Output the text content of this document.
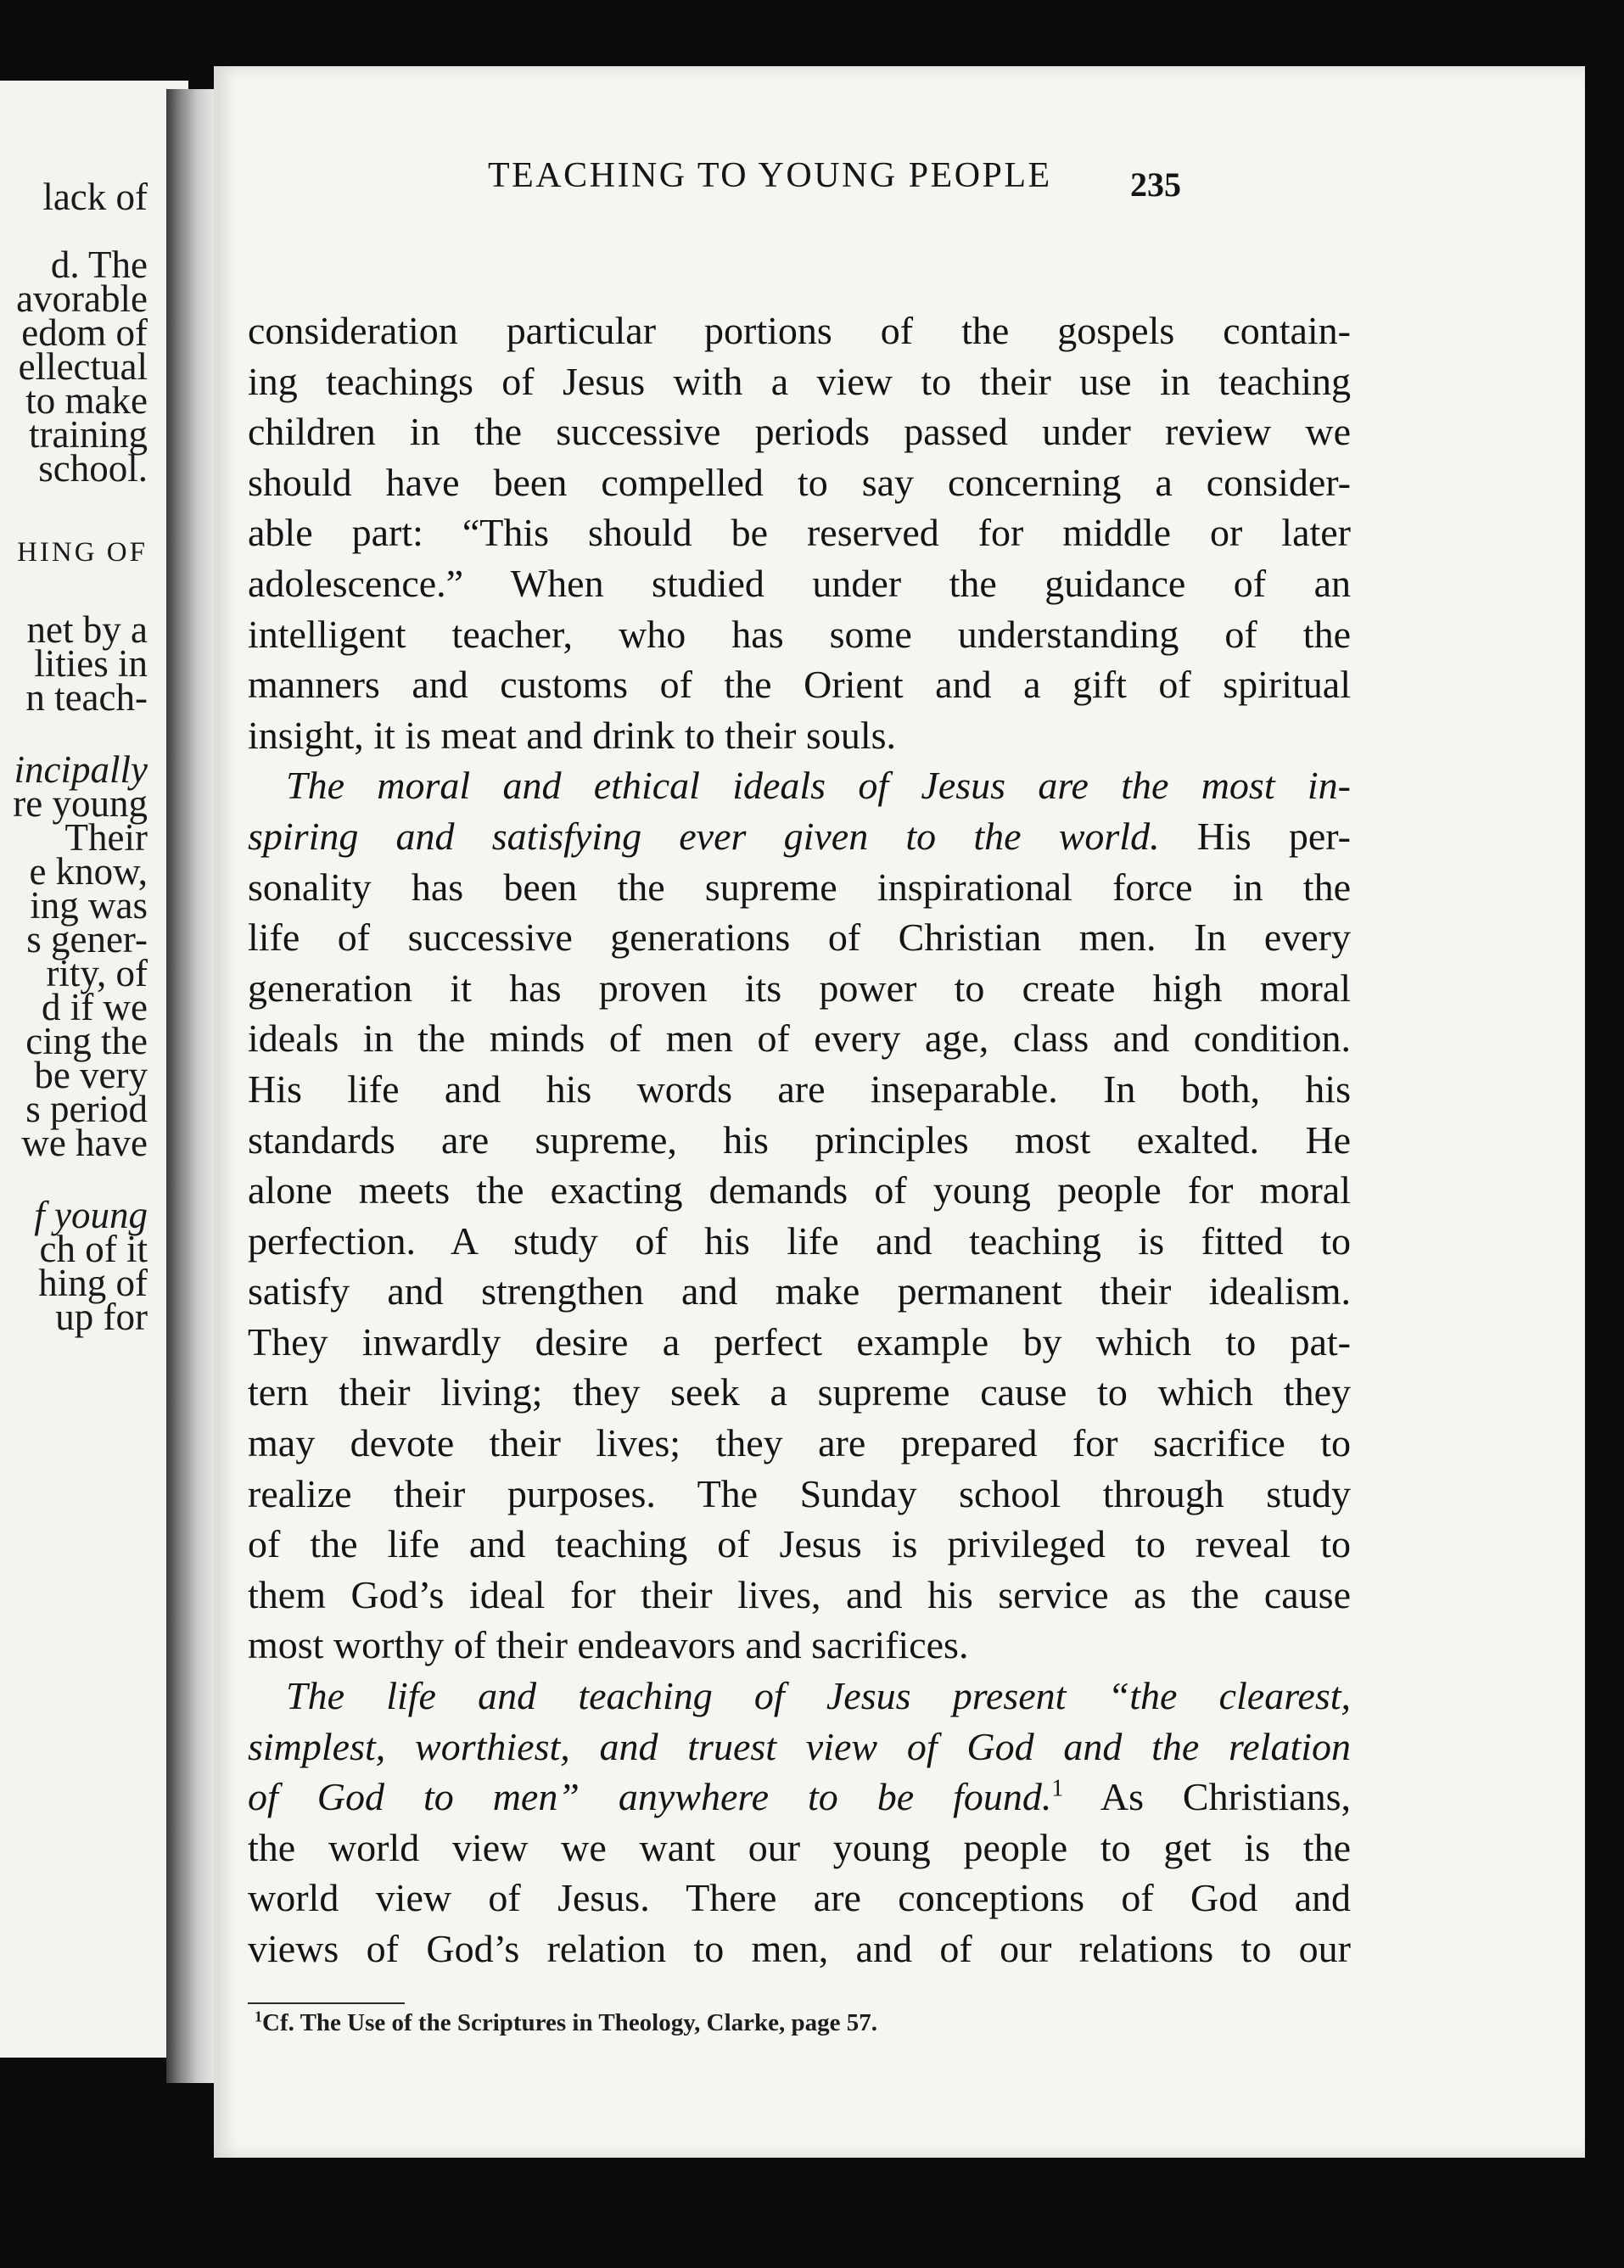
lack of
d. The
avorable
edom of
ellectual
to make
training
school.
HING OF
net by a
lities in
n teach-
incipally
re young
Their
e know,
ing was
s gener-
rity, of
d if we
cing the
be very
s period
we have
f young
ch of it
hing of
up for
TEACHING TO YOUNG PEOPLE 235
consideration particular portions of the gospels contain-
ing teachings of Jesus with a view to their use in teaching
children in the successive periods passed under review we
should have been compelled to say concerning a consider-
able part: “This should be reserved for middle or later
adolescence.” When studied under the guidance of an
intelligent teacher, who has some understanding of the
manners and customs of the Orient and a gift of spiritual
insight, it is meat and drink to their souls.
The moral and ethical ideals of Jesus are the most in-
spiring and satisfying ever given to the world. His per-
sonality has been the supreme inspirational force in the
life of successive generations of Christian men. In every
generation it has proven its power to create high moral
ideals in the minds of men of every age, class and condition.
His life and his words are inseparable. In both, his
standards are supreme, his principles most exalted. He
alone meets the exacting demands of young people for moral
perfection. A study of his life and teaching is fitted to
satisfy and strengthen and make permanent their idealism.
They inwardly desire a perfect example by which to pat-
tern their living; they seek a supreme cause to which they
may devote their lives; they are prepared for sacrifice to
realize their purposes. The Sunday school through study
of the life and teaching of Jesus is privileged to reveal to
them God’s ideal for their lives, and his service as the cause
most worthy of their endeavors and sacrifices.
The life and teaching of Jesus present “the clearest,
simplest, worthiest, and truest view of God and the relation
of God to men” anywhere to be found.$^1$ As Christians,
the world view we want our young people to get is the
world view of Jesus. There are conceptions of God and
views of God’s relation to men, and of our relations to our
$^1$Cf. The Use of the Scriptures in Theology, Clarke, page 57.
